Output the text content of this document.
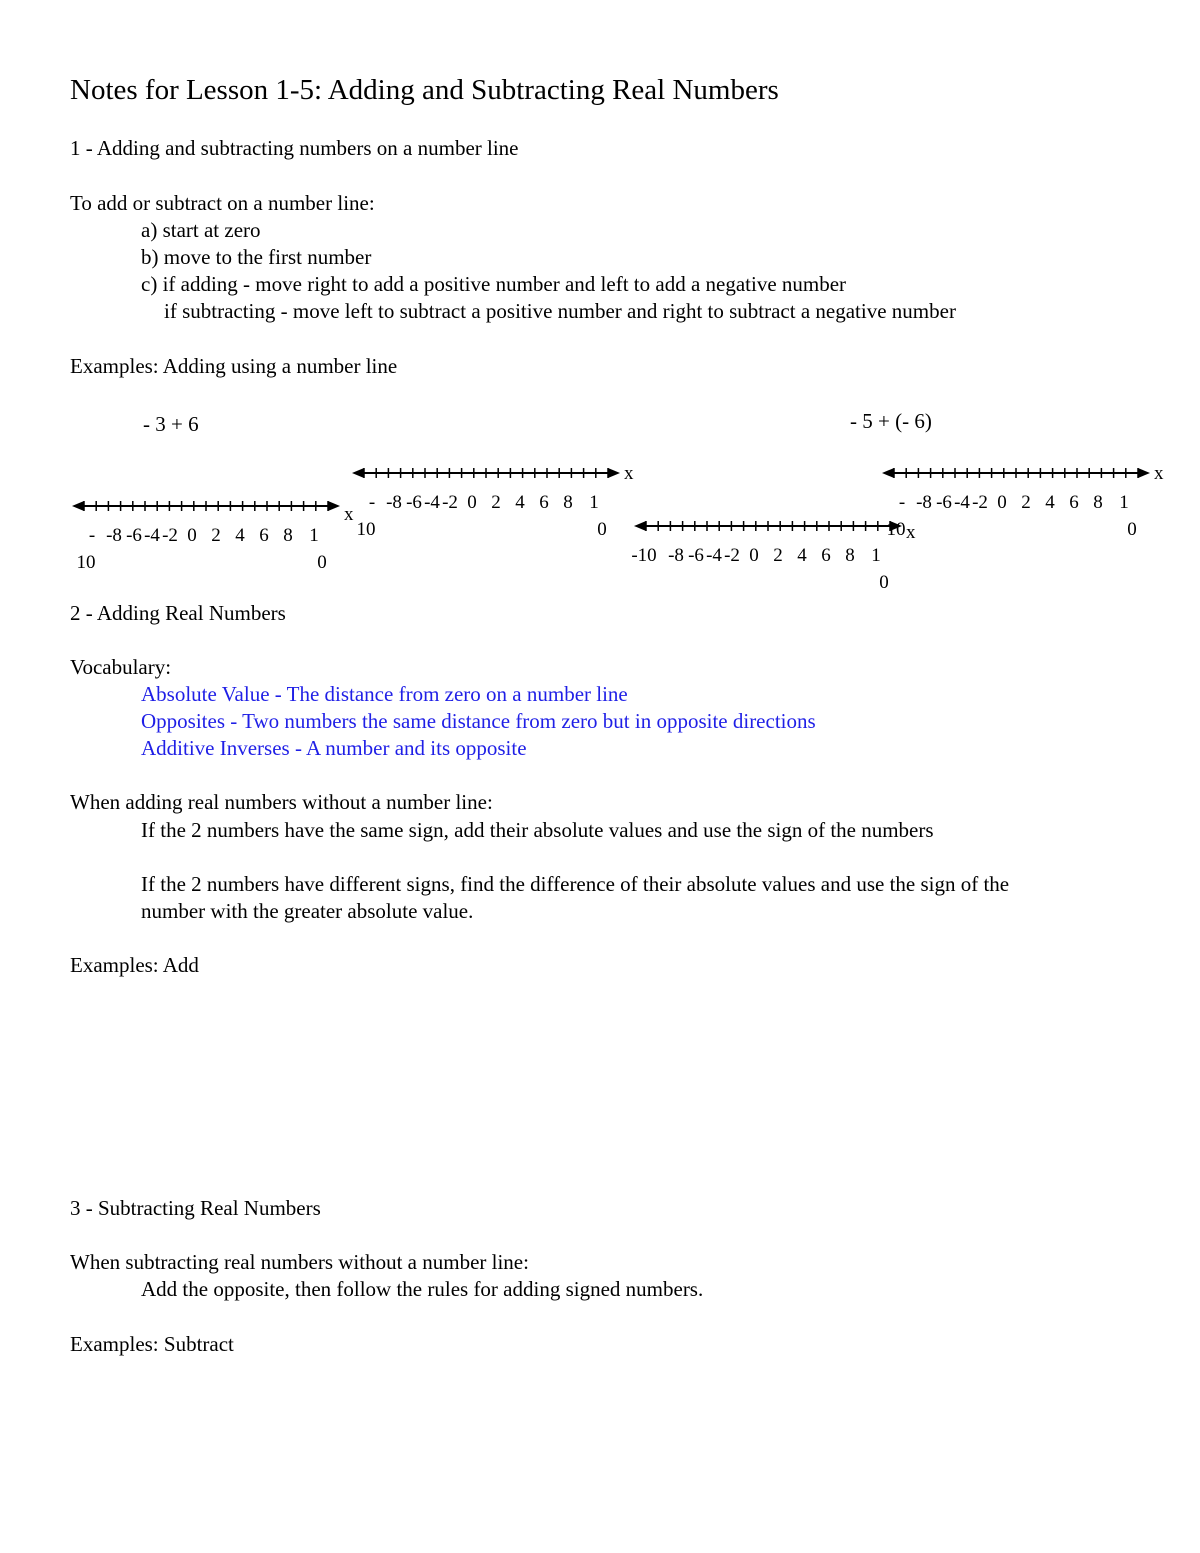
Notes for Lesson 1-5: Adding and Subtracting Real Numbers
1 - Adding and subtracting numbers on a number line
To add or subtract on a number line:
a) start at zero
b) move to the first number
c) if adding - move right to add a positive number and left to add a negative number
if subtracting - move left to subtract a positive number and right to subtract a negative number
Examples: Adding using a number line
- 3 + 6	- 5 + (- 6)
x
- -8 -6 -4 -2 0 2 4 6 8 1
10	0
x
- -8 -6 -4 -2 0 2 4 6 8 1
10	0	x
-10 -8 -6 -4 -2 0 2 4 6 8 1
0
x
- -8 -6 -4 -2 0 2 4 6 8 1
10	0
2 - Adding Real Numbers
Vocabulary:
Absolute Value - The distance from zero on a number line
Opposites - Two numbers the same distance from zero but in opposite directions
Additive Inverses - A number and its opposite
When adding real numbers without a number line:
If the 2 numbers have the same sign, add their absolute values and use the sign of the numbers
If the 2 numbers have different signs, find the difference of their absolute values and use the sign of the
number with the greater absolute value.
Examples: Add
3 - Subtracting Real Numbers
When subtracting real numbers without a number line:
Add the opposite, then follow the rules for adding signed numbers.
Examples: Subtract
